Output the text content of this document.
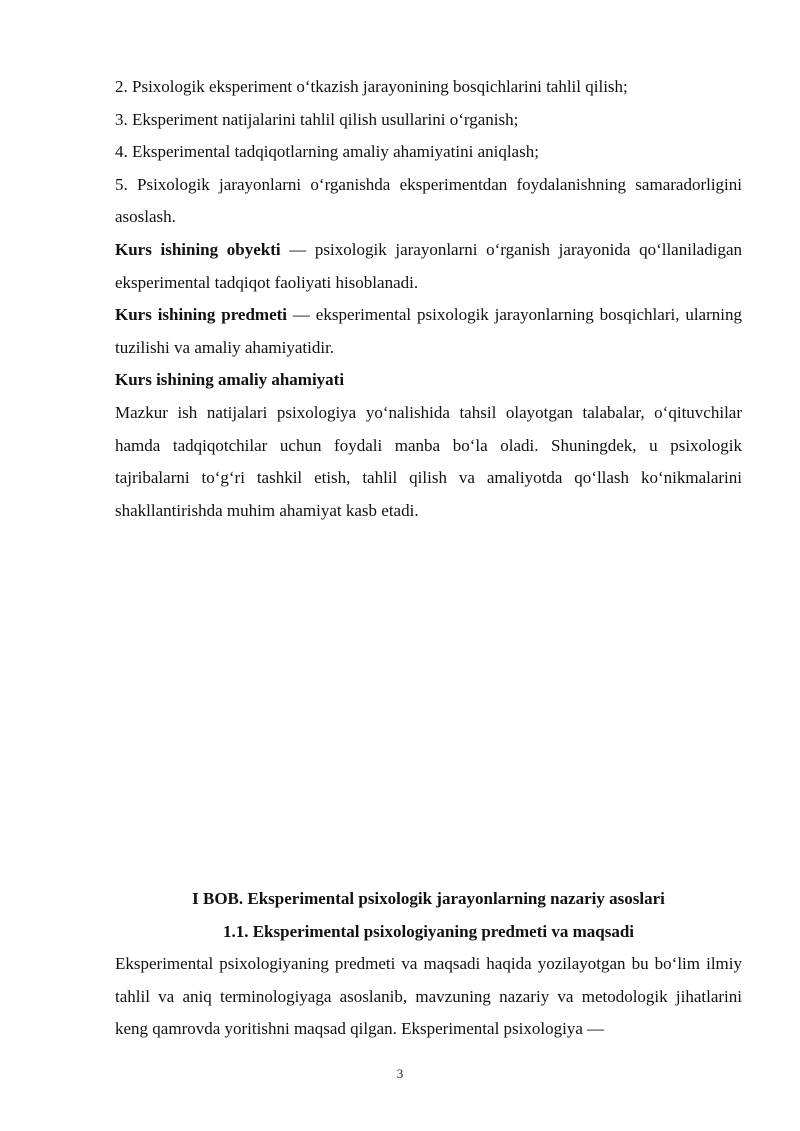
2. Psixologik eksperiment o‘tkazish jarayonining bosqichlarini tahlil qilish;

3. Eksperiment natijalarini tahlil qilish usullarini o‘rganish;

4. Eksperimental tadqiqotlarning amaliy ahamiyatini aniqlash;

5. Psixologik jarayonlarni o‘rganishda eksperimentdan foydalanishning samaradorligini asoslash.

Kurs ishining obyekti — psixologik jarayonlarni o‘rganish jarayonida qo‘llaniladigan eksperimental tadqiqot faoliyati hisoblanadi.

Kurs ishining predmeti — eksperimental psixologik jarayonlarning bosqichlari, ularning tuzilishi va amaliy ahamiyatidir.

Kurs ishining amaliy ahamiyati

Mazkur ish natijalari psixologiya yo‘nalishida tahsil olayotgan talabalar, o‘qituvchilar hamda tadqiqotchilar uchun foydali manba bo‘la oladi. Shuningdek, u psixologik tajribalarni to‘g‘ri tashkil etish, tahlil qilish va amaliyotda qo‘llash ko‘nikmalarini shakllantirishda muhim ahamiyat kasb etadi.

I BOB. Eksperimental psixologik jarayonlarning nazariy asoslari

1.1. Eksperimental psixologiyaning predmeti va maqsadi

Eksperimental psixologiyaning predmeti va maqsadi haqida yozilayotgan bu bo‘lim ilmiy tahlil va aniq terminologiyaga asoslanib, mavzuning nazariy va metodologik jihatlarini keng qamrovda yoritishni maqsad qilgan. Eksperimental psixologiya —

3
